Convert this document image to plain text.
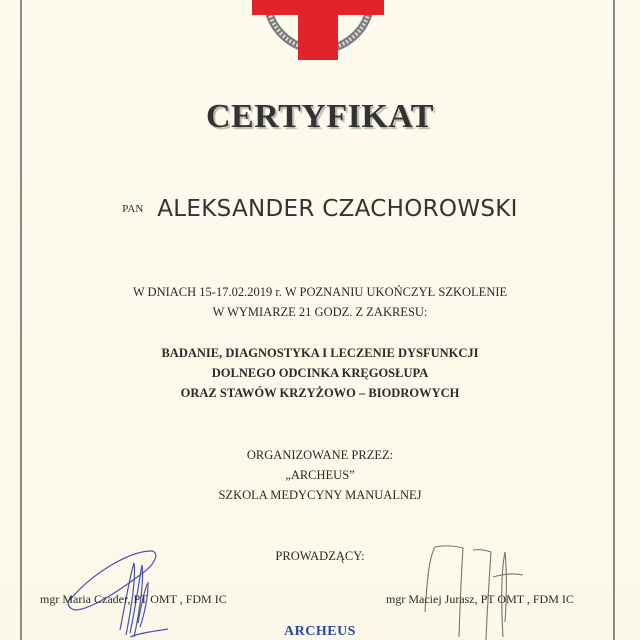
CERTYFIKAT
PAN ALEKSANDER CZACHOROWSKI
W DNIACH 15-17.02.2019 r. W POZNANIU UKOŃCZYŁ SZKOLENIE
W WYMIARZE 21 GODZ. Z ZAKRESU:
BADANIE, DIAGNOSTYKA I LECZENIE DYSFUNKCJI
DOLNEGO ODCINKA KRĘGOSŁUPA
ORAZ STAWÓW KRZYŻOWO – BIODROWYCH
ORGANIZOWANE PRZEZ:
„ARCHEUS”
SZKOLA MEDYCYNY MANUALNEJ
PROWADZĄCY:
mgr Maria Czader, PT OMT , FDM IC	mgr Maciej Jurasz, PT OMT , FDM IC
ARCHEUS
